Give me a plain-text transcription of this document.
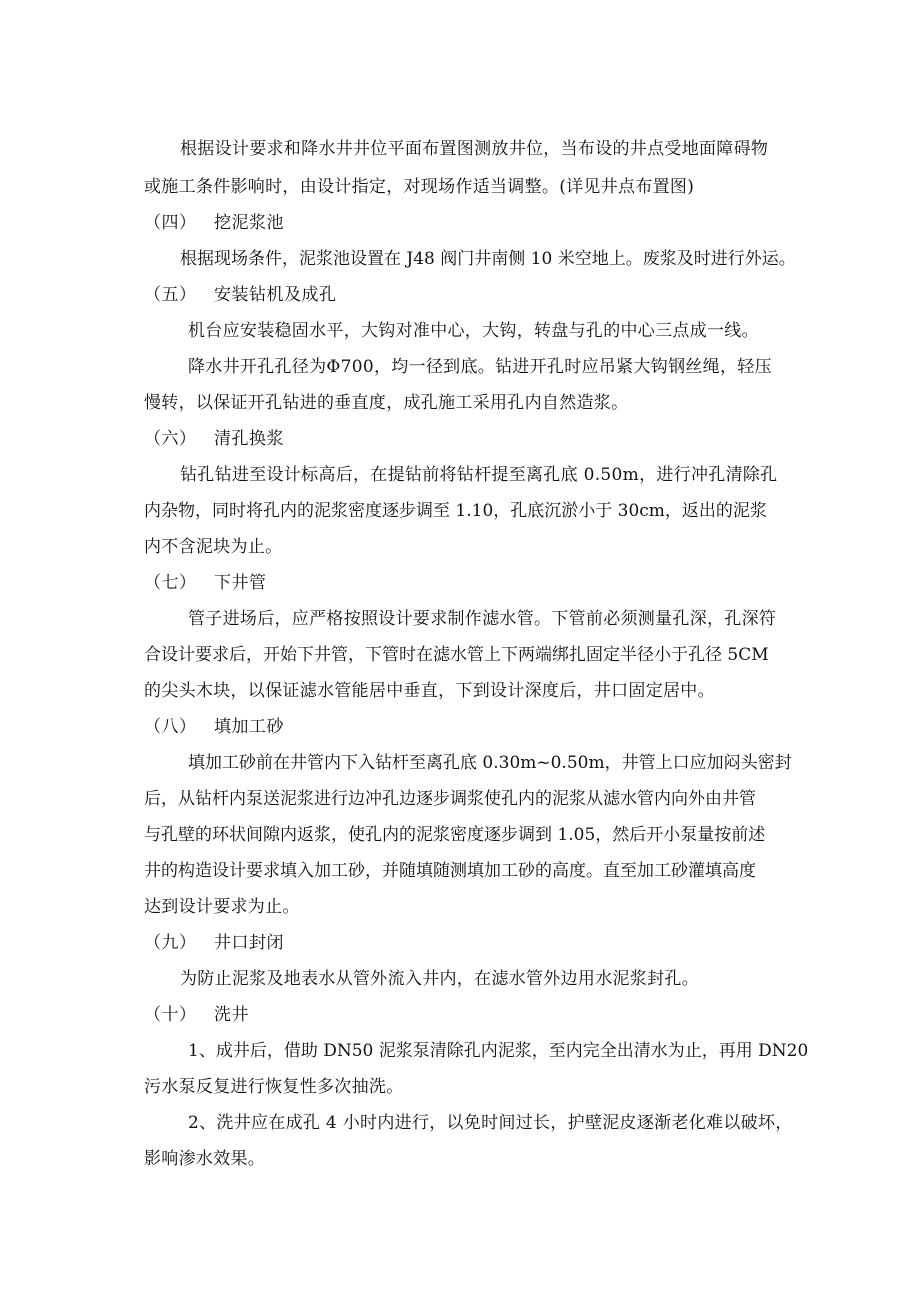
根据设计要求和降水井井位平面布置图测放井位，当布设的井点受地面障碍物
或施工条件影响时，由设计指定，对现场作适当调整。(详见井点布置图)
（四） 挖泥浆池
根据现场条件，泥浆池设置在 J48 阀门井南侧 10 米空地上。废浆及时进行外运。
（五） 安装钻机及成孔
机台应安装稳固水平，大钩对准中心，大钩，转盘与孔的中心三点成一线。
降水井开孔孔径为Φ700，均一径到底。钻进开孔时应吊紧大钩钢丝绳，轻压
慢转，以保证开孔钻进的垂直度，成孔施工采用孔内自然造浆。
（六） 清孔换浆
钻孔钻进至设计标高后，在提钻前将钻杆提至离孔底 0.50m，进行冲孔清除孔
内杂物，同时将孔内的泥浆密度逐步调至 1.10，孔底沉淤小于 30cm，返出的泥浆
内不含泥块为止。
（七） 下井管
管子进场后，应严格按照设计要求制作滤水管。下管前必须测量孔深，孔深符
合设计要求后，开始下井管，下管时在滤水管上下两端绑扎固定半径小于孔径 5CM
的尖头木块，以保证滤水管能居中垂直，下到设计深度后，井口固定居中。
（八） 填加工砂
填加工砂前在井管内下入钻杆至离孔底 0.30m~0.50m，井管上口应加闷头密封
后，从钻杆内泵送泥浆进行边冲孔边逐步调浆使孔内的泥浆从滤水管内向外由井管
与孔壁的环状间隙内返浆，使孔内的泥浆密度逐步调到 1.05，然后开小泵量按前述
井的构造设计要求填入加工砂，并随填随测填加工砂的高度。直至加工砂灌填高度
达到设计要求为止。
（九） 井口封闭
为防止泥浆及地表水从管外流入井内，在滤水管外边用水泥浆封孔。
（十） 洗井
1、成井后，借助 DN50 泥浆泵清除孔内泥浆，至内完全出清水为止，再用 DN20
污水泵反复进行恢复性多次抽洗。
2、洗井应在成孔 4 小时内进行，以免时间过长，护壁泥皮逐渐老化难以破坏，
影响渗水效果。
